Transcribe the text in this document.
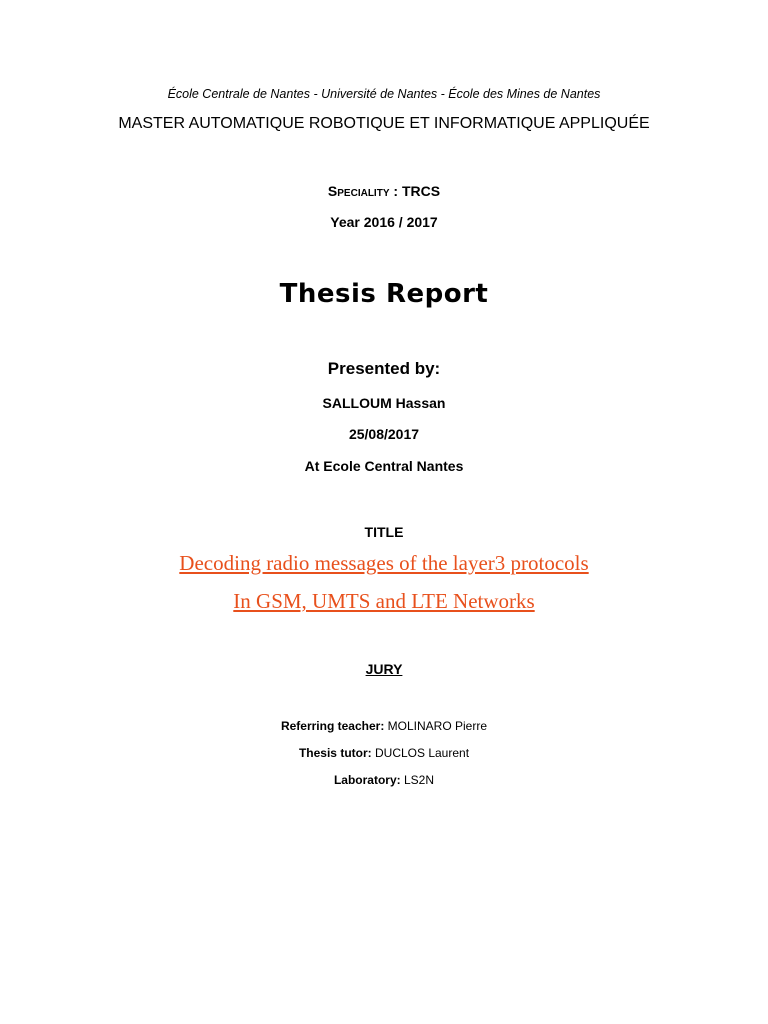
École Centrale de Nantes - Université de Nantes - École des Mines de Nantes
MASTER AUTOMATIQUE ROBOTIQUE ET INFORMATIQUE APPLIQUÉE
Speciality : TRCS
Year 2016 / 2017
Thesis Report
Presented by:
SALLOUM Hassan
25/08/2017
At Ecole Central Nantes
TITLE
Decoding radio messages of the layer3 protocols
In GSM, UMTS and LTE Networks
JURY
Referring teacher: MOLINARO Pierre
Thesis tutor: DUCLOS Laurent
Laboratory: LS2N
